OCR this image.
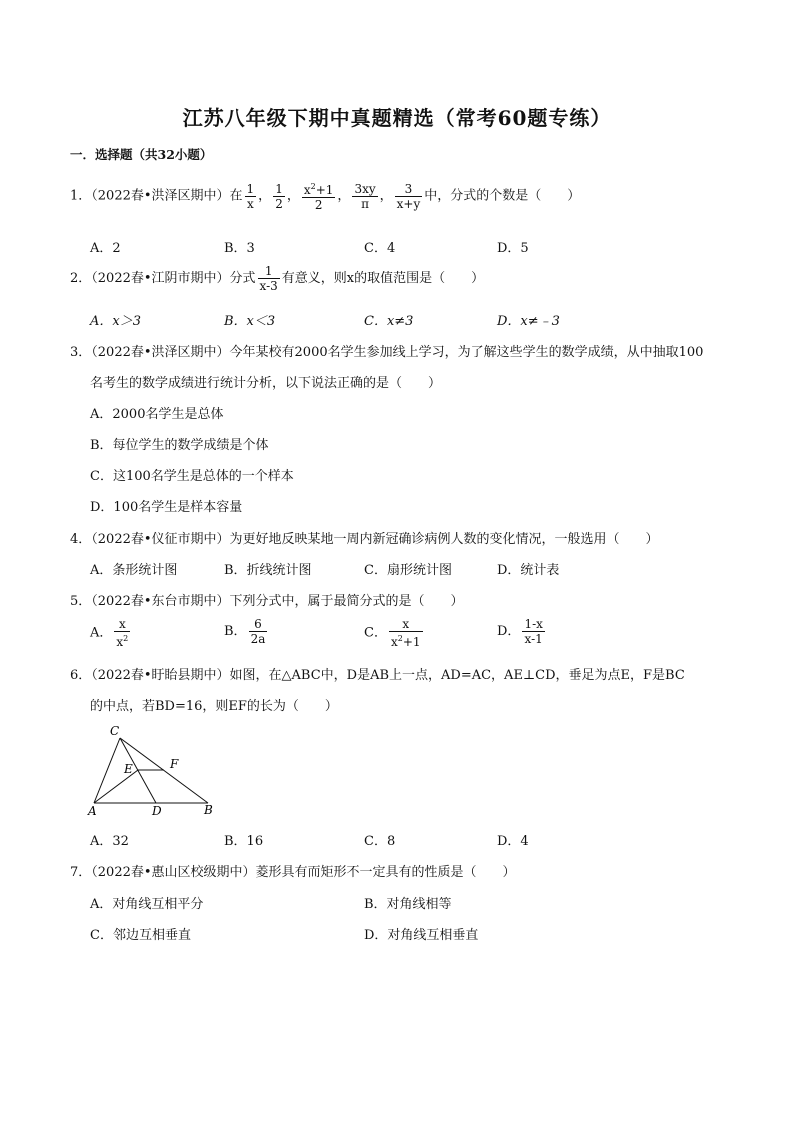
江苏八年级下期中真题精选（常考60题专练）
一．选择题（共32小题）
1．（2022春•洪泽区期中）在 $\frac{1}{x}$ ， $\frac{1}{2}$ ， $\frac{x^2+1}{2}$ ， $\frac{3xy}{\pi}$ ， $\frac{3}{x+y}$ 中，分式的个数是（　　）
A．2	B．3	C．4	D．5
2．（2022春•江阴市期中）分式 $\frac{1}{x-3}$ 有意义，则x的取值范围是（　　）
A．x＞3	B．x＜3	C．x≠3	D．x≠﹣3
3．（2022春•洪泽区期中）今年某校有2000名学生参加线上学习，为了解这些学生的数学成绩，从中抽取100
名考生的数学成绩进行统计分析，以下说法正确的是（　　）
A．2000名学生是总体
B．每位学生的数学成绩是个体
C．这100名学生是总体的一个样本
D．100名学生是样本容量
4．（2022春•仪征市期中）为更好地反映某地一周内新冠确诊病例人数的变化情况，一般选用（　　）
A．条形统计图	B．折线统计图	C．扇形统计图	D．统计表
5．（2022春•东台市期中）下列分式中，属于最简分式的是（　　）
A． $\frac{x}{x^2}$	B． $\frac{6}{2a}$	C． $\frac{x}{x^2+1}$	D． $\frac{1-x}{x-1}$
6．（2022春•盱眙县期中）如图，在△ABC中，D是AB上一点，AD=AC，AE⊥CD，垂足为点E，F是BC
的中点，若BD=16，则EF的长为（　　）
C
E	F
A	D	B
A．32	B．16	C．8	D．4
7．（2022春•惠山区校级期中）菱形具有而矩形不一定具有的性质是（　　）
A．对角线互相平分	B．对角线相等
C．邻边互相垂直	D．对角线互相垂直
